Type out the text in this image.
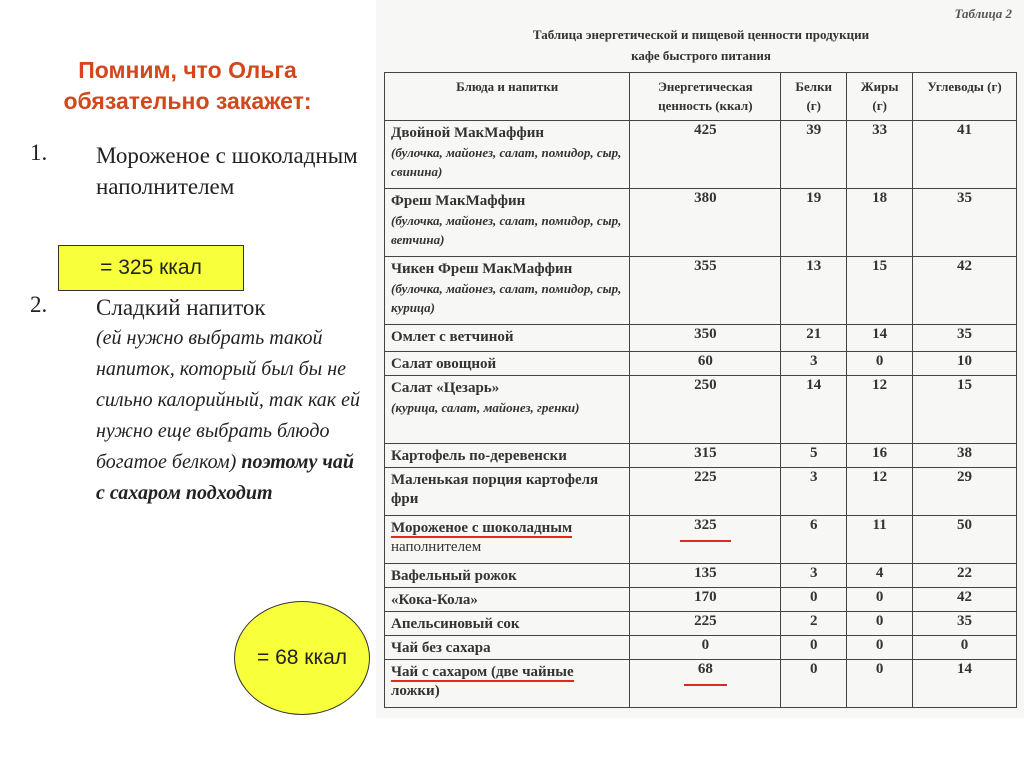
Помним, что Ольга обязательно закажет:
1. Мороженое с шоколадным наполнителем
= 325 ккал
2. Сладкий напиток
(ей нужно выбрать такой напиток, который был бы не сильно калорийный, так как ей нужно еще выбрать блюдо богатое белком) поэтому чай с сахаром подходит
= 68 ккал
Таблица 2
Таблица энергетической и пищевой ценности продукции
кафе быстрого питания
Блюда и напитки	Энергетическая ценность (ккал)	Белки (г)	Жиры (г)	Углеводы (г)

Двойной МакМаффин
(булочка, майонез, салат, помидор, сыр, свинина)	425	39	33	41

Фреш МакМаффин
(булочка, майонез, салат, помидор, сыр, ветчина)	380	19	18	35

Чикен Фреш МакМаффин
(булочка, майонез, салат, помидор, сыр, курица)	355	13	15	42

Омлет с ветчиной	350	21	14	35

Салат овощной	60	3	0	10

Салат «Цезарь»
(курица, салат, майонез, гренки)	250	14	12	15

Картофель по-деревенски	315	5	16	38

Маленькая порция картофеля фри	225	3	12	29

Мороженое с шоколадным
наполнителем	325	6	11	50

Вафельный рожок	135	3	4	22

«Кока-Кола»	170	0	0	42

Апельсиновый сок	225	2	0	35

Чай без сахара	0	0	0	0

Чай с сахаром (две чайные
ложки)	68	0	0	14
